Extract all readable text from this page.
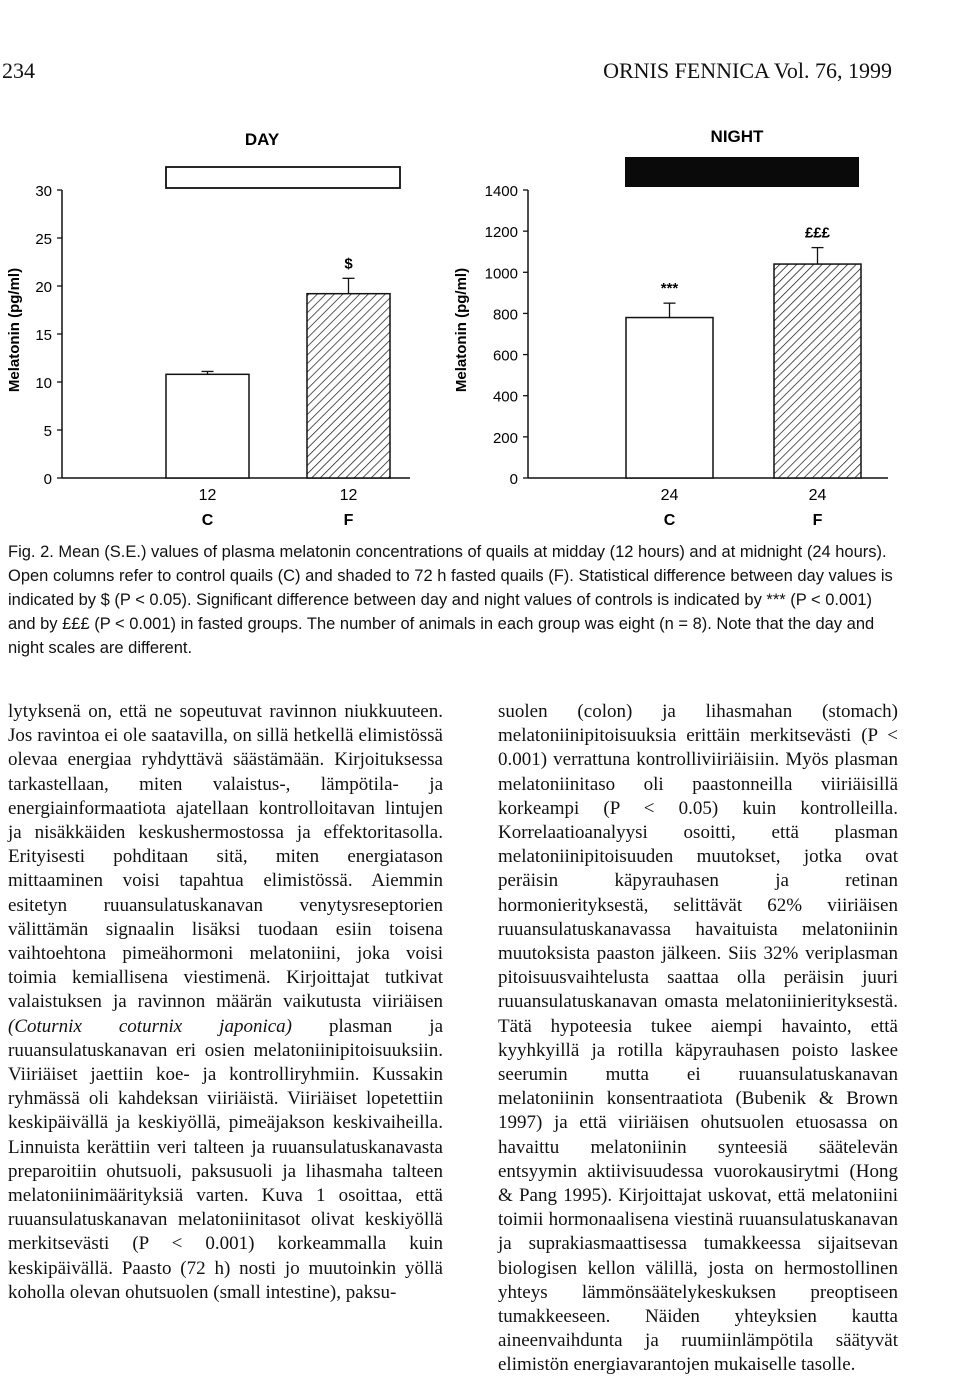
234	ORNIS FENNICA Vol. 76, 1999
DAY	NIGHT
Melatonin (pg/ml)	Melatonin (pg/ml)
0
5
10
15
20
25
30
0
200
400
600
800
1000
1200
1400
12
C
$
12
F
***
24
C
£££
24
F
Fig. 2. Mean (S.E.) values of plasma melatonin concentrations of quails at midday (12 hours) and at midnight (24 hours). Open columns refer to control quails (C) and shaded to 72 h fasted quails (F). Statistical difference between day values is indicated by $ (P < 0.05). Significant difference between day and night values of controls is indicated by *** (P < 0.001) and by £££ (P < 0.001) in fasted groups. The number of animals in each group was eight (n = 8). Note that the day and night scales are different.

lytyksenä on, että ne sopeutuvat ravinnon niukkuuteen. Jos ravintoa ei ole saatavilla, on sillä hetkellä elimistössä olevaa energiaa ryhdyttävä säästämään. Kirjoituksessa tarkastellaan, miten valaistus-, lämpötila- ja energiainformaatiota ajatellaan kontrolloitavan lintujen ja nisäkkäiden keskushermostossa ja effektoritasolla. Erityisesti pohditaan sitä, miten energiatason mittaaminen voisi tapahtua elimistössä. Aiemmin esitetyn ruuansulatuskanavan venytysreseptorien välittämän signaalin lisäksi tuodaan esiin toisena vaihtoehtona pimeähormoni melatoniini, joka voisi toimia kemiallisena viestimenä. Kirjoittajat tutkivat valaistuksen ja ravinnon määrän vaikutusta viiriäisen (Coturnix coturnix japonica) plasman ja ruuansulatuskanavan eri osien melatoniinipitoisuuksiin. Viiriäiset jaettiin koe- ja kontrolliryhmiin. Kussakin ryhmässä oli kahdeksan viiriäistä. Viiriäiset lopetettiin keskipäivällä ja keskiyöllä, pimeäjakson keskivaiheilla. Linnuista kerättiin veri talteen ja ruuansulatuskanavasta preparoitiin ohutsuoli, paksusuoli ja lihasmaha talteen melatoniinimäärityksiä varten. Kuva 1 osoittaa, että ruuansulatuskanavan melatoniinitasot olivat keskiyöllä merkitsevästi (P < 0.001) korkeammalla kuin keskipäivällä. Paasto (72 h) nosti jo muutoinkin yöllä koholla olevan ohutsuolen (small intestine), paksu-

suolen (colon) ja lihasmahan (stomach) melatoniinipitoisuuksia erittäin merkitsevästi (P < 0.001) verrattuna kontrolliviiriäisiin. Myös plasman melatoniinitaso oli paastonneilla viiriäisillä korkeampi (P < 0.05) kuin kontrolleilla. Korrelaatioanalyysi osoitti, että plasman melatoniinipitoisuuden muutokset, jotka ovat peräisin käpyrauhasen ja retinan hormonierityksestä, selittävät 62% viiriäisen ruuansulatuskanavassa havaituista melatoniinin muutoksista paaston jälkeen. Siis 32% veriplasman pitoisuusvaihtelusta saattaa olla peräisin juuri ruuansulatuskanavan omasta melatoniinierityksestä. Tätä hypoteesia tukee aiempi havainto, että kyyhkyillä ja rotilla käpyrauhasen poisto laskee seerumin mutta ei ruuansulatuskanavan melatoniinin konsentraatiota (Bubenik & Brown 1997) ja että viiriäisen ohutsuolen etuosassa on havaittu melatoniinin synteesiä säätelevän entsyymin aktiivisuudessa vuorokausirytmi (Hong & Pang 1995). Kirjoittajat uskovat, että melatoniini toimii hormonaalisena viestinä ruuansulatuskanavan ja suprakiasmaattisessa tumakkeessa sijaitsevan biologisen kellon välillä, josta on hermostollinen yhteys lämmönsäätelykeskuksen preoptiseen tumakkeeseen. Näiden yhteyksien kautta aineenvaihdunta ja ruumiinlämpötila säätyvät elimistön energiavarantojen mukaiselle tasolle.
